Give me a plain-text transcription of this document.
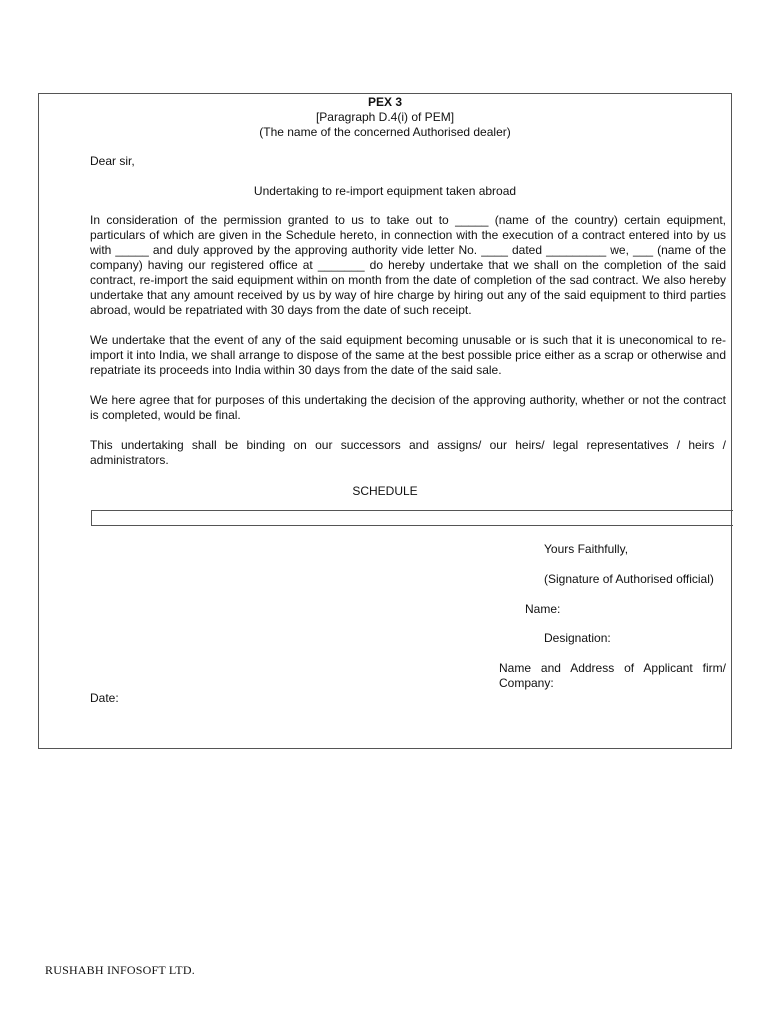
PEX 3
[Paragraph D.4(i) of PEM]
(The name of the concerned Authorised dealer)
Dear sir,
Undertaking to re-import equipment taken abroad

In consideration of the permission granted to us to take out to _____ (name of the country) certain equipment, particulars of which are given in the Schedule hereto, in connection with the execution of a contract entered into by us with _____ and duly approved by the approving authority vide letter No. ____ dated _________ we, ___ (name of the company) having our registered office at _______ do hereby undertake that we shall on the completion of the said contract, re-import the said equipment within on month from the date of completion of the sad contract. We also hereby undertake that any amount received by us by way of hire charge by hiring out any of the said equipment to third parties abroad, would be repatriated with 30 days from the date of such receipt.

We undertake that the event of any of the said equipment becoming unusable or is such that it is uneconomical to re-import it into India, we shall arrange to dispose of the same at the best possible price either as a scrap or otherwise and repatriate its proceeds into India within 30 days from the date of the said sale.

We here agree that for purposes of this undertaking the decision of the approving authority, whether or not the contract is completed, would be final.

This undertaking shall be binding on our successors and assigns/ our heirs/ legal representatives / heirs / administrators.

SCHEDULE
Yours Faithfully,
(Signature of Authorised official)
Name:
Designation:
Name and Address of Applicant firm/ Company:
Date:
RUSHABH INFOSOFT LTD.
